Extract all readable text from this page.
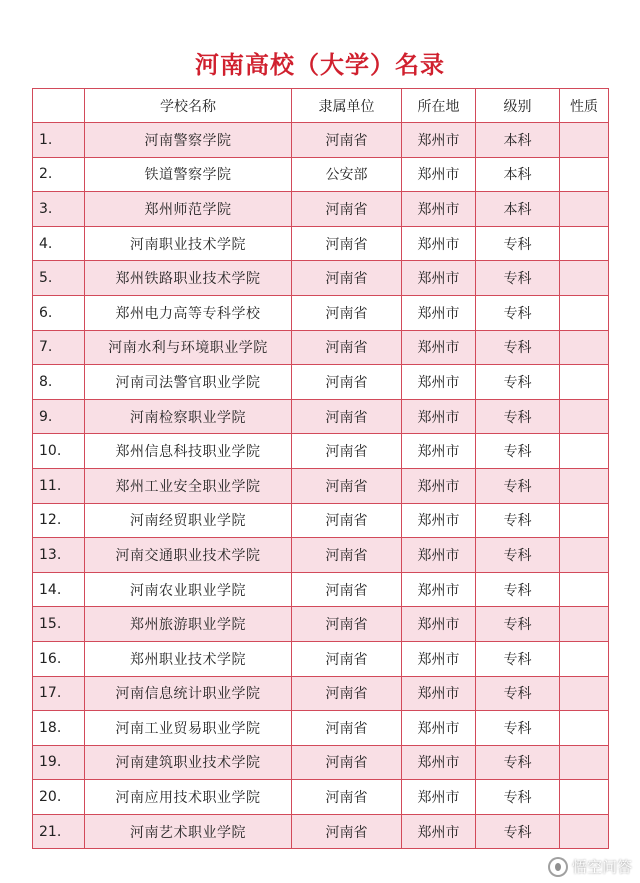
河南高校（大学）名录
	学校名称	隶属单位	所在地	级别	性质
1.	河南警察学院	河南省	郑州市	本科	
2.	铁道警察学院	公安部	郑州市	本科	
3.	郑州师范学院	河南省	郑州市	本科	
4.	河南职业技术学院	河南省	郑州市	专科	
5.	郑州铁路职业技术学院	河南省	郑州市	专科	
6.	郑州电力高等专科学校	河南省	郑州市	专科	
7.	河南水利与环境职业学院	河南省	郑州市	专科	
8.	河南司法警官职业学院	河南省	郑州市	专科	
9.	河南检察职业学院	河南省	郑州市	专科	
10.	郑州信息科技职业学院	河南省	郑州市	专科	
11.	郑州工业安全职业学院	河南省	郑州市	专科	
12.	河南经贸职业学院	河南省	郑州市	专科	
13.	河南交通职业技术学院	河南省	郑州市	专科	
14.	河南农业职业学院	河南省	郑州市	专科	
15.	郑州旅游职业学院	河南省	郑州市	专科	
16.	郑州职业技术学院	河南省	郑州市	专科	
17.	河南信息统计职业学院	河南省	郑州市	专科	
18.	河南工业贸易职业学院	河南省	郑州市	专科	
19.	河南建筑职业技术学院	河南省	郑州市	专科	
20.	河南应用技术职业学院	河南省	郑州市	专科	
21.	河南艺术职业学院	河南省	郑州市	专科	
悟空问答
